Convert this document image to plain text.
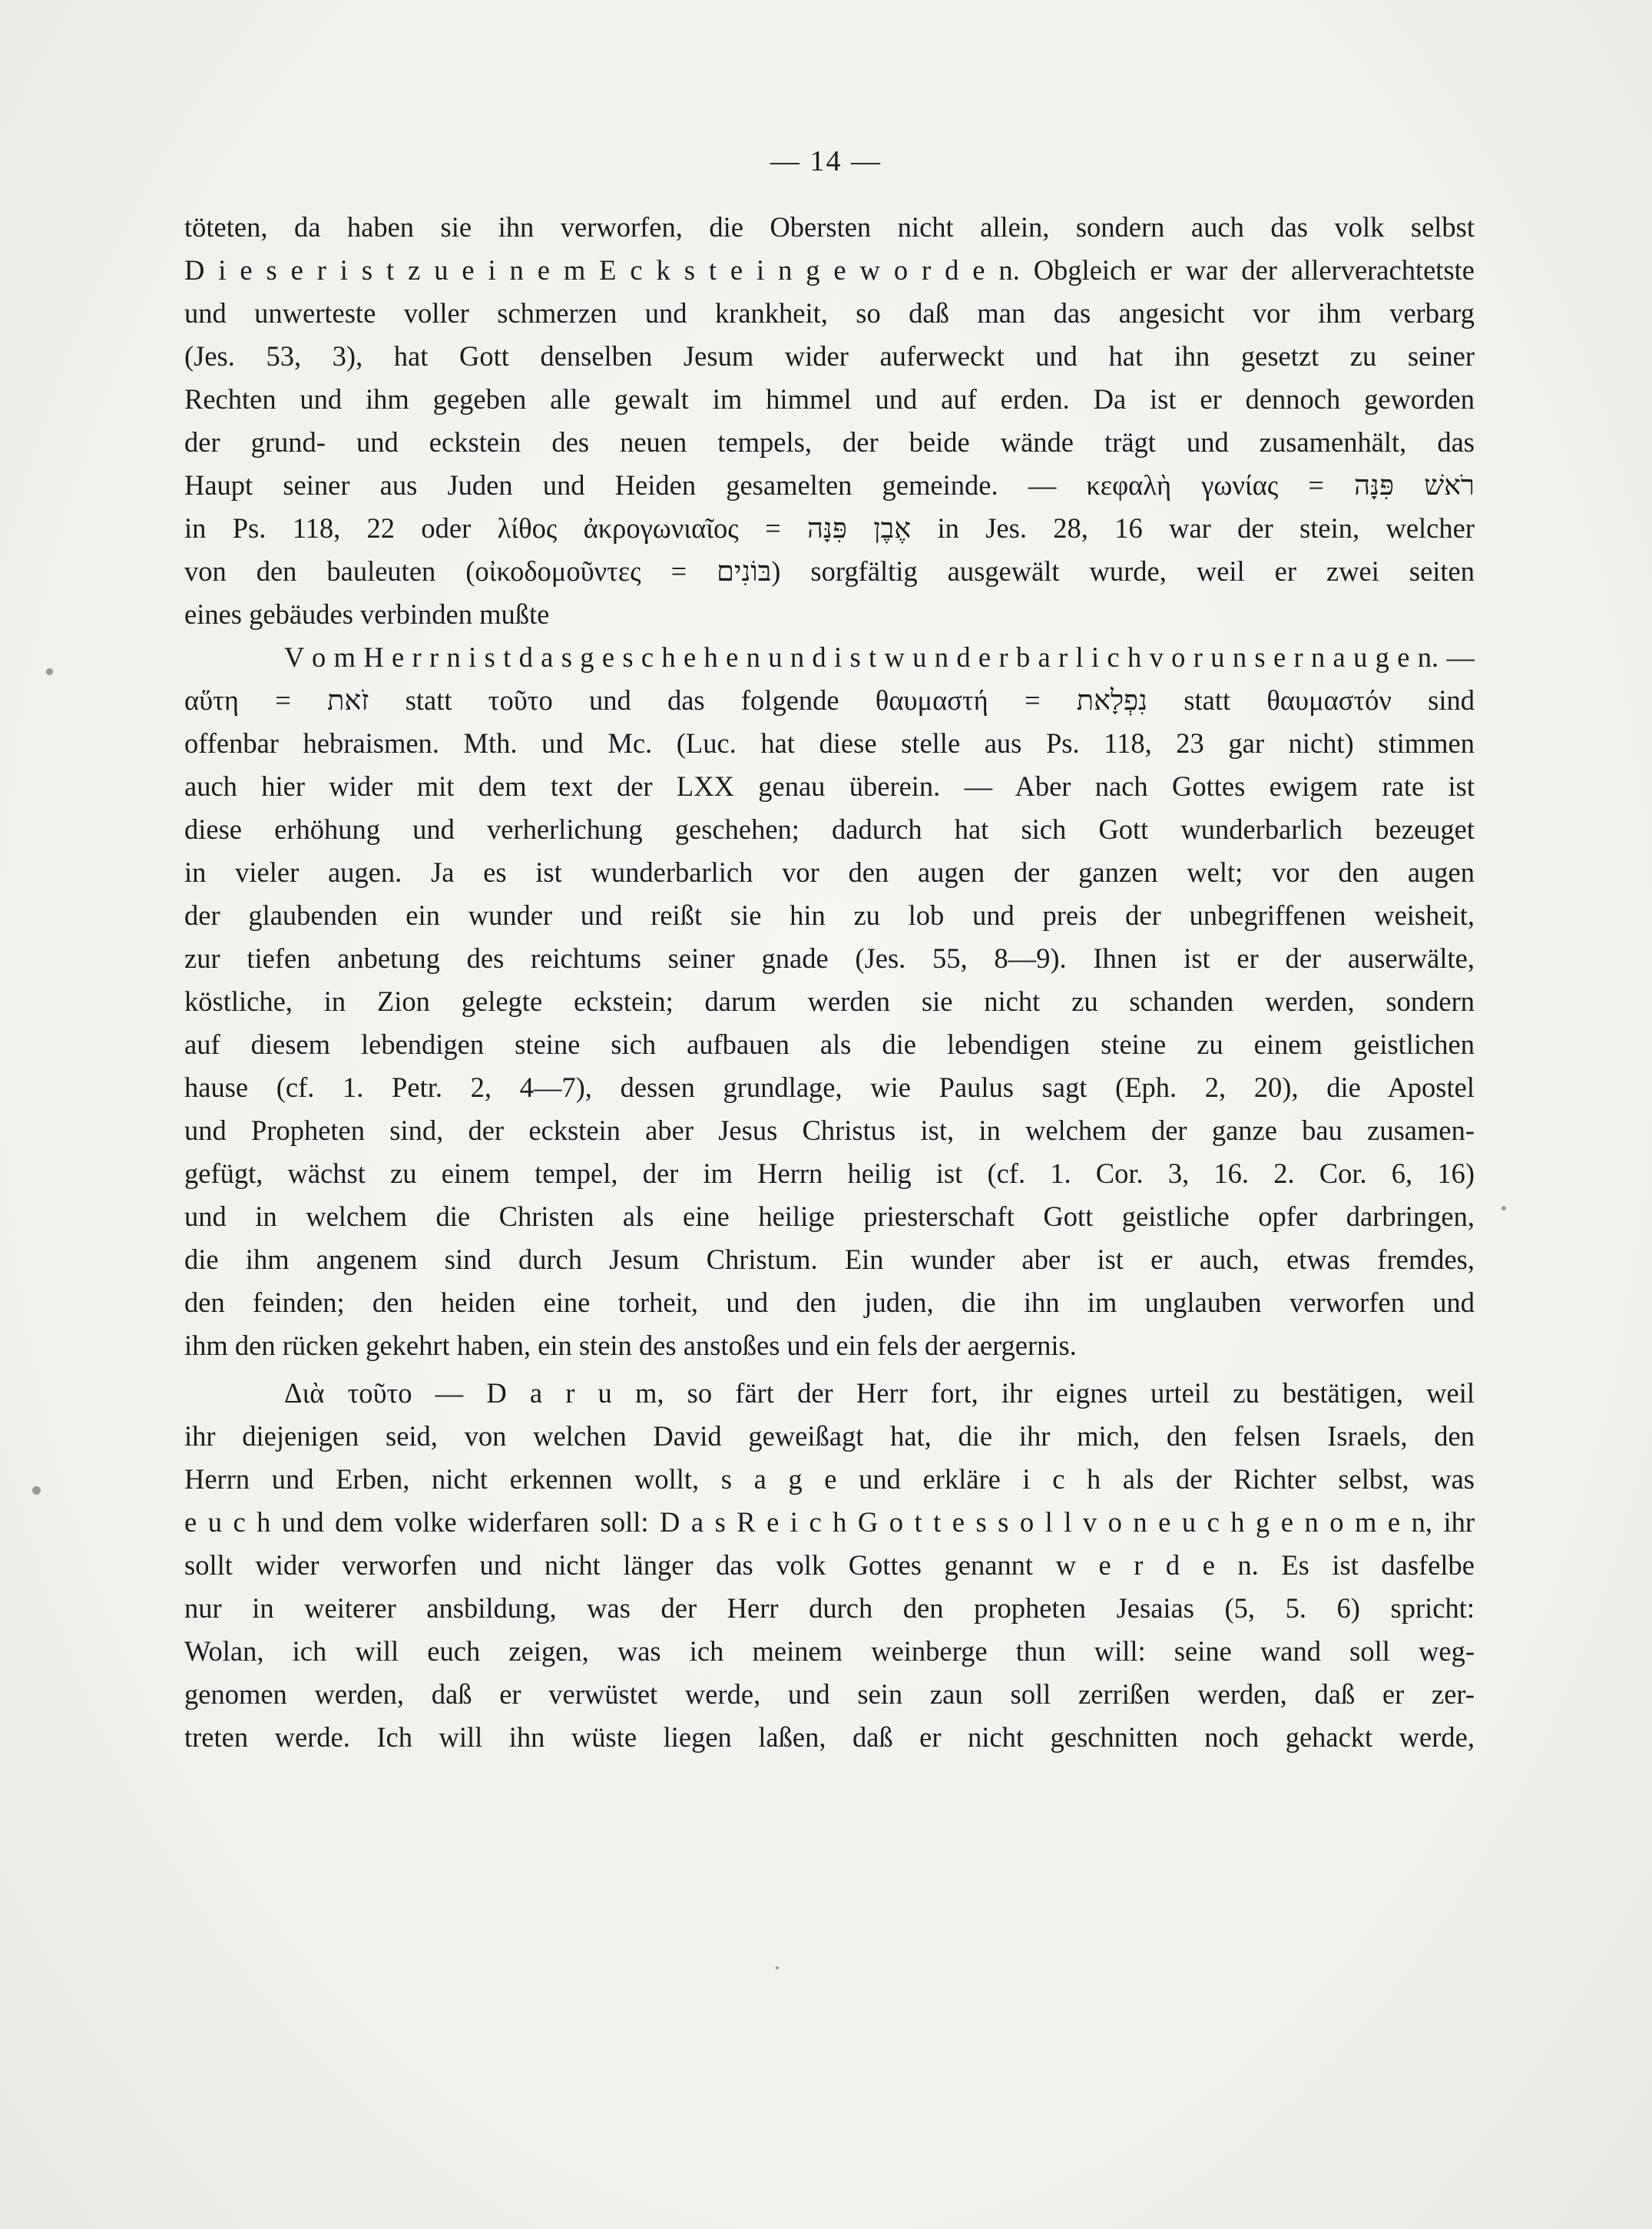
— 14 —
töteten, da haben sie ihn verworfen, die Obersten nicht allein, sondern auch das volk selbst
D i e s e r i s t z u e i n e m E c k s t e i n g e w o r d e n. Obgleich er war der allerverachtetste
und unwerteste voller schmerzen und krankheit, so daß man das angesicht vor ihm verbarg
(Jes. 53, 3), hat Gott denselben Jesum wider auferweckt und hat ihn gesetzt zu seiner
Rechten und ihm gegeben alle gewalt im himmel und auf erden. Da ist er dennoch geworden
der grund- und eckstein des neuen tempels, der beide wände trägt und zusamenhält, das
Haupt seiner aus Juden und Heiden gesamelten gemeinde. — κεφαλὴ γωνίας = רֹאשׁ פִּנָּה
in Ps. 118, 22 oder λίθος ἀκρογωνιαῖος = אֶבֶן פִּנָּה in Jes. 28, 16 war der stein, welcher
von den bauleuten (οἰκοδομοῦντες = בּוֹנִים) sorgfältig ausgewält wurde, weil er zwei seiten
eines gebäudes verbinden mußte
V o m H e r r n i s t d a s g e s c h e h e n u n d i s t w u n d e r b a r l i c h v o r u n s e r n a u g e n. —
αὕτη = זֹאת statt τοῦτο und das folgende θαυμαστή = נִפְלָאת statt θαυμαστόν sind
offenbar hebraismen. Mth. und Mc. (Luc. hat diese stelle aus Ps. 118, 23 gar nicht) stimmen
auch hier wider mit dem text der LXX genau überein. — Aber nach Gottes ewigem rate ist
diese erhöhung und verherlichung geschehen; dadurch hat sich Gott wunderbarlich bezeuget
in vieler augen. Ja es ist wunderbarlich vor den augen der ganzen welt; vor den augen
der glaubenden ein wunder und reißt sie hin zu lob und preis der unbegriffenen weisheit,
zur tiefen anbetung des reichtums seiner gnade (Jes. 55, 8—9). Ihnen ist er der auserwälte,
köstliche, in Zion gelegte eckstein; darum werden sie nicht zu schanden werden, sondern
auf diesem lebendigen steine sich aufbauen als die lebendigen steine zu einem geistlichen
hause (cf. 1. Petr. 2, 4—7), dessen grundlage, wie Paulus sagt (Eph. 2, 20), die Apostel
und Propheten sind, der eckstein aber Jesus Christus ist, in welchem der ganze bau zusamen-
gefügt, wächst zu einem tempel, der im Herrn heilig ist (cf. 1. Cor. 3, 16. 2. Cor. 6, 16)
und in welchem die Christen als eine heilige priesterschaft Gott geistliche opfer darbringen,
die ihm angenem sind durch Jesum Christum. Ein wunder aber ist er auch, etwas fremdes,
den feinden; den heiden eine torheit, und den juden, die ihn im unglauben verworfen und
ihm den rücken gekehrt haben, ein stein des anstoßes und ein fels der aergernis.
Διὰ τοῦτο — D a r u m, so färt der Herr fort, ihr eignes urteil zu bestätigen, weil
ihr diejenigen seid, von welchen David geweißagt hat, die ihr mich, den felsen Israels, den
Herrn und Erben, nicht erkennen wollt, s a g e und erkläre i c h als der Richter selbst, was
e u c h und dem volke widerfaren soll: D a s R e i c h G o t t e s s o l l v o n e u c h g e n o m e n, ihr
sollt wider verworfen und nicht länger das volk Gottes genannt w e r d e n. Es ist dasfelbe
nur in weiterer ansbildung, was der Herr durch den propheten Jesaias (5, 5. 6) spricht:
Wolan, ich will euch zeigen, was ich meinem weinberge thun will: seine wand soll weg-
genomen werden, daß er verwüstet werde, und sein zaun soll zerrißen werden, daß er zer-
treten werde. Ich will ihn wüste liegen laßen, daß er nicht geschnitten noch gehackt werde,
